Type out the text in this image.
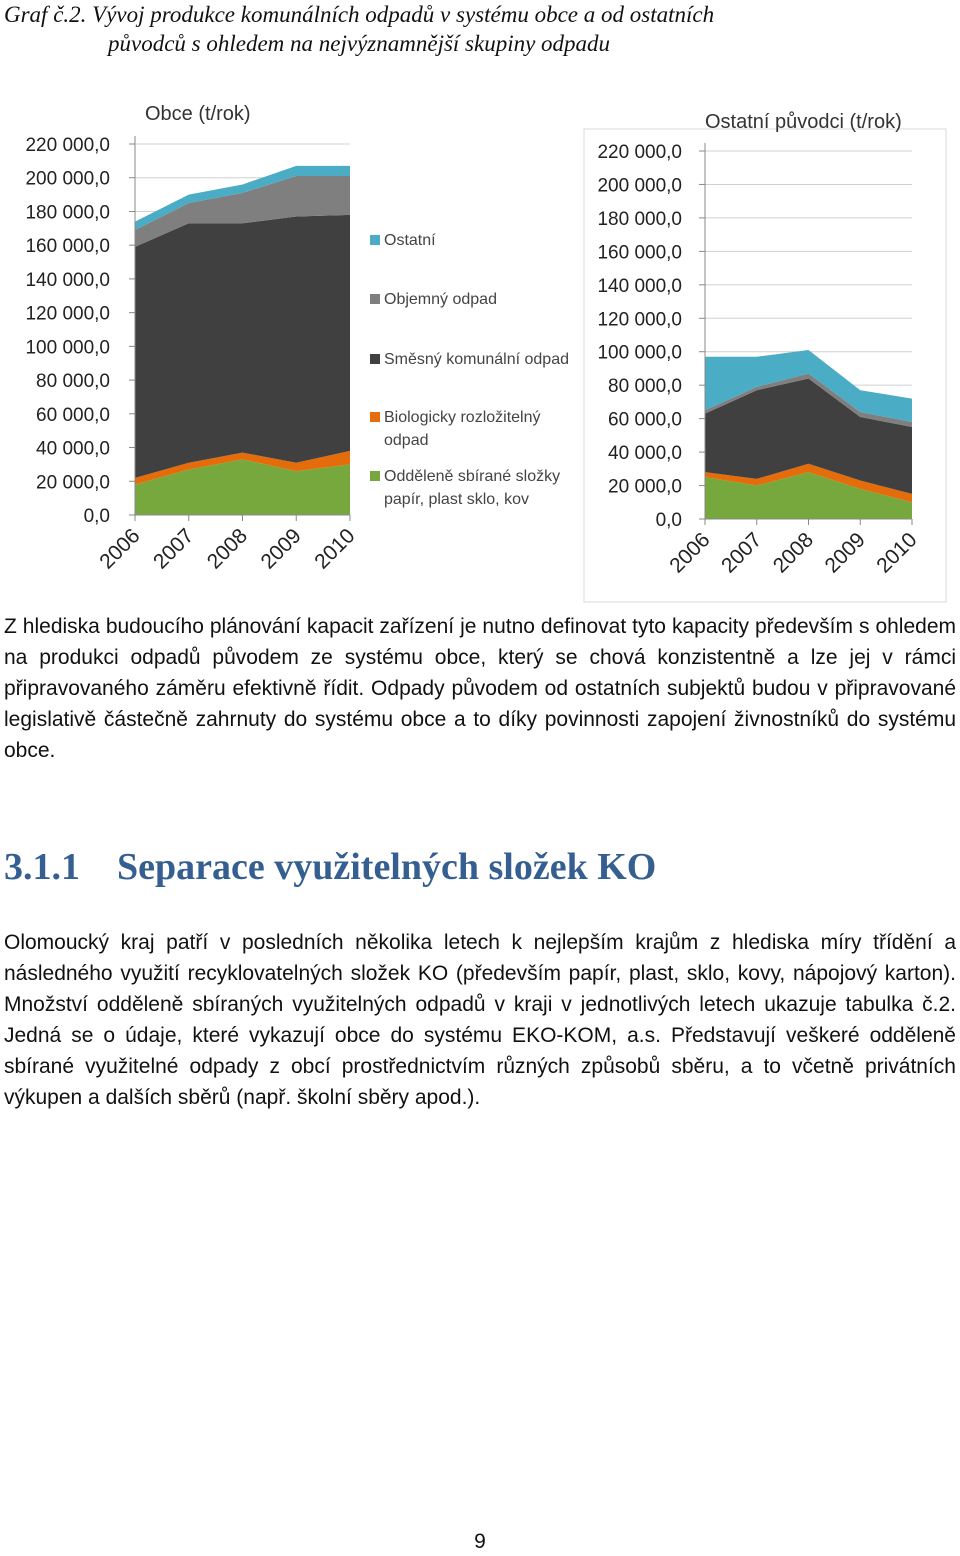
Graf č.2. Vývoj produkce komunálních odpadů v systému obce a od ostatních
původců s ohledem na nejvýznamnější skupiny odpadu
220 000,0
200 000,0
180 000,0
160 000,0
140 000,0
120 000,0
100 000,0
80 000,0
60 000,0
40 000,0
20 000,0
0,0
2006 2007 2008 2009 2010
Obce (t/rok)
220 000,0
200 000,0
180 000,0
160 000,0
140 000,0
120 000,0
100 000,0
80 000,0
60 000,0
40 000,0
20 000,0
0,0
2006 2007 2008 2009 2010
Ostatní původci (t/rok)
Ostatní
Objemný odpad
Směsný komunální odpad
Biologicky rozložitelný odpad
Odděleně sbírané složky papír, plast sklo, kov

Z hlediska budoucího plánování kapacit zařízení je nutno definovat tyto kapacity především s ohledem na produkci odpadů původem ze systému obce, který se chová konzistentně a lze jej v rámci připravovaného záměru efektivně řídit. Odpady původem od ostatních subjektů budou v připravované legislativě částečně zahrnuty do systému obce a to díky povinnosti zapojení živnostníků do systému obce.

3.1.1 Separace využitelných složek KO

Olomoucký kraj patří v posledních několika letech k nejlepším krajům z hlediska míry třídění a následného využití recyklovatelných složek KO (především papír, plast, sklo, kovy, nápojový karton). Množství odděleně sbíraných využitelných odpadů v kraji v jednotlivých letech ukazuje tabulka č.2. Jedná se o údaje, které vykazují obce do systému EKO-KOM, a.s. Představují veškeré odděleně sbírané využitelné odpady z obcí prostřednictvím různých způsobů sběru, a to včetně privátních výkupen a dalších sběrů (např. školní sběry apod.).

9
